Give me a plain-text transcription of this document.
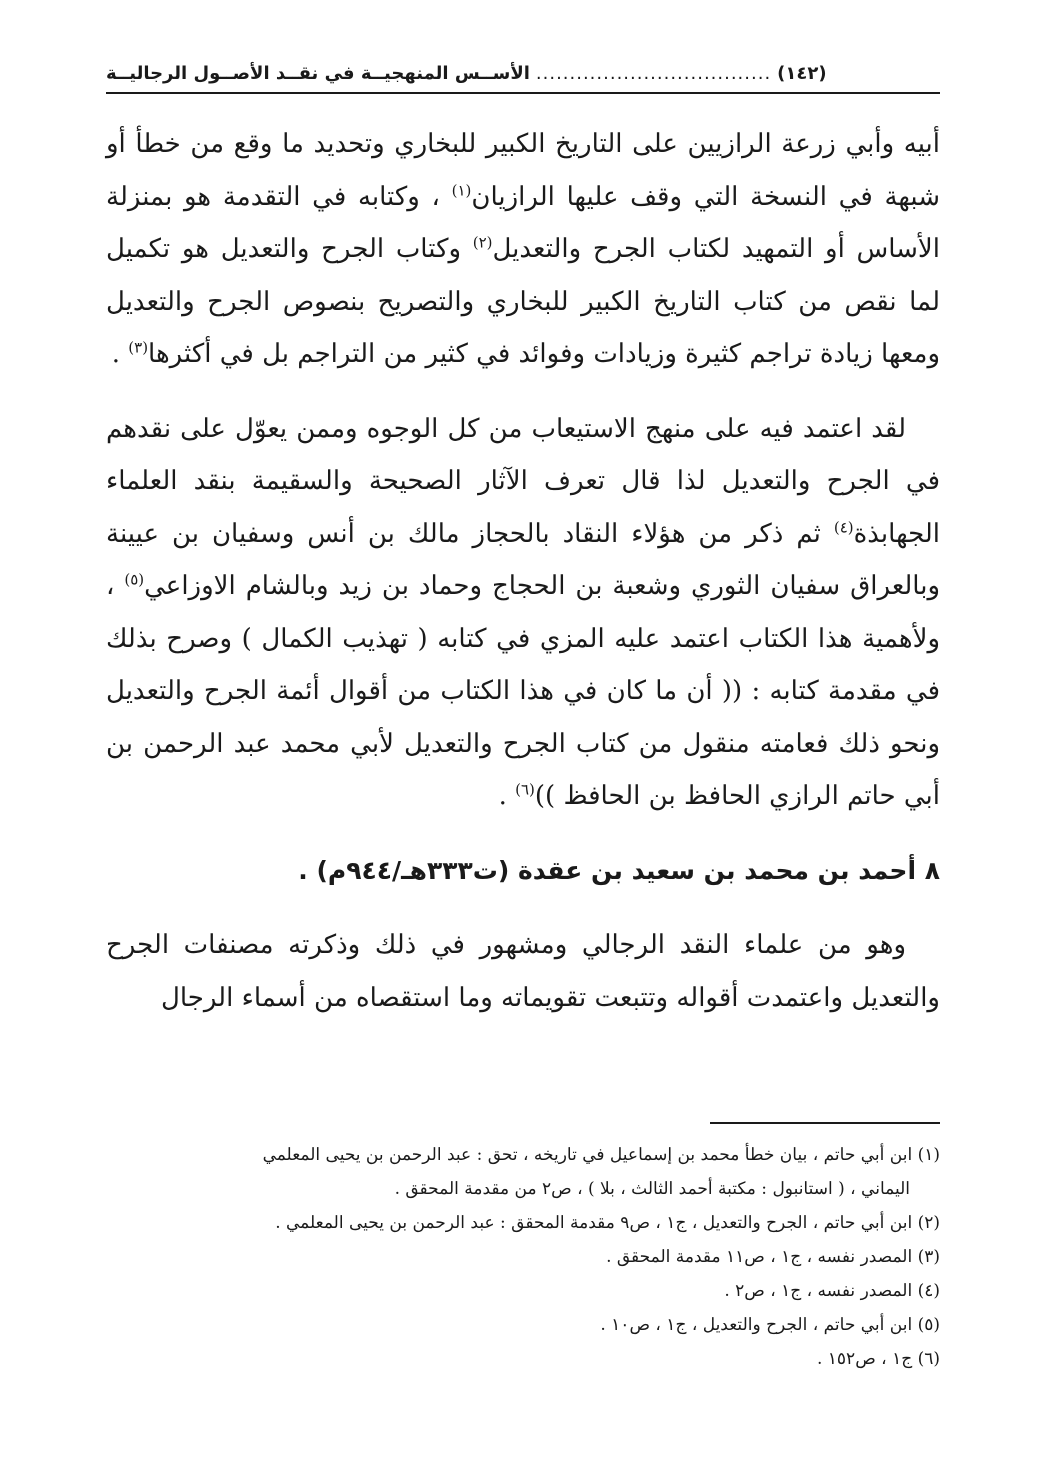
(١٤٢)
...................................
الأســس المنهجيــة في نقــد الأصــول الرجاليــة

أبيه وأبي زرعة الرازيين على التاريخ الكبير للبخاري وتحديد ما وقع من خطأ أو شبهة في النسخة التي وقف عليها الرازيان$^{(١)}$ ، وكتابه في التقدمة هو بمنزلة الأساس أو التمهيد لكتاب الجرح والتعديل$^{(٢)}$ وكتاب الجرح والتعديل هو تكميل لما نقص من كتاب التاريخ الكبير للبخاري والتصريح بنصوص الجرح والتعديل ومعها زيادة تراجم كثيرة وزيادات وفوائد في كثير من التراجم بل في أكثرها$^{(٣)}$ .

لقد اعتمد فيه على منهج الاستيعاب من كل الوجوه وممن يعوّل على نقدهم في الجرح والتعديل لذا قال تعرف الآثار الصحيحة والسقيمة بنقد العلماء الجهابذة$^{(٤)}$ ثم ذكر من هؤلاء النقاد بالحجاز مالك بن أنس وسفيان بن عيينة وبالعراق سفيان الثوري وشعبة بن الحجاج وحماد بن زيد وبالشام الاوزاعي$^{(٥)}$ ، ولأهمية هذا الكتاب اعتمد عليه المزي في كتابه ( تهذيب الكمال ) وصرح بذلك في مقدمة كتابه : (( أن ما كان في هذا الكتاب من أقوال أئمة الجرح والتعديل ونحو ذلك فعامته منقول من كتاب الجرح والتعديل لأبي محمد عبد الرحمن بن أبي حاتم الرازي الحافظ بن الحافظ ))$^{(٦)}$ .

٨ أحمد بن محمد بن سعيد بن عقدة (ت٣٣٣هـ/٩٤٤م) .

وهو من علماء النقد الرجالي ومشهور في ذلك وذكرته مصنفات الجرح والتعديل واعتمدت أقواله وتتبعت تقويماته وما استقصاه من أسماء الرجال

(١) ابن أبي حاتم ، بيان خطأ محمد بن إسماعيل في تاريخه ، تحق : عبد الرحمن بن يحيى المعلمي

اليماني ، ( استانبول : مكتبة أحمد الثالث ، بلا ) ، ص٢ من مقدمة المحقق .

(٢) ابن أبي حاتم ، الجرح والتعديل ، ج١ ، ص٩ مقدمة المحقق : عبد الرحمن بن يحيى المعلمي .

(٣) المصدر نفسه ، ج١ ، ص١١ مقدمة المحقق .

(٤) المصدر نفسه ، ج١ ، ص٢ .

(٥) ابن أبي حاتم ، الجرح والتعديل ، ج١ ، ص١٠ .

(٦) ج١ ، ص١٥٢ .
